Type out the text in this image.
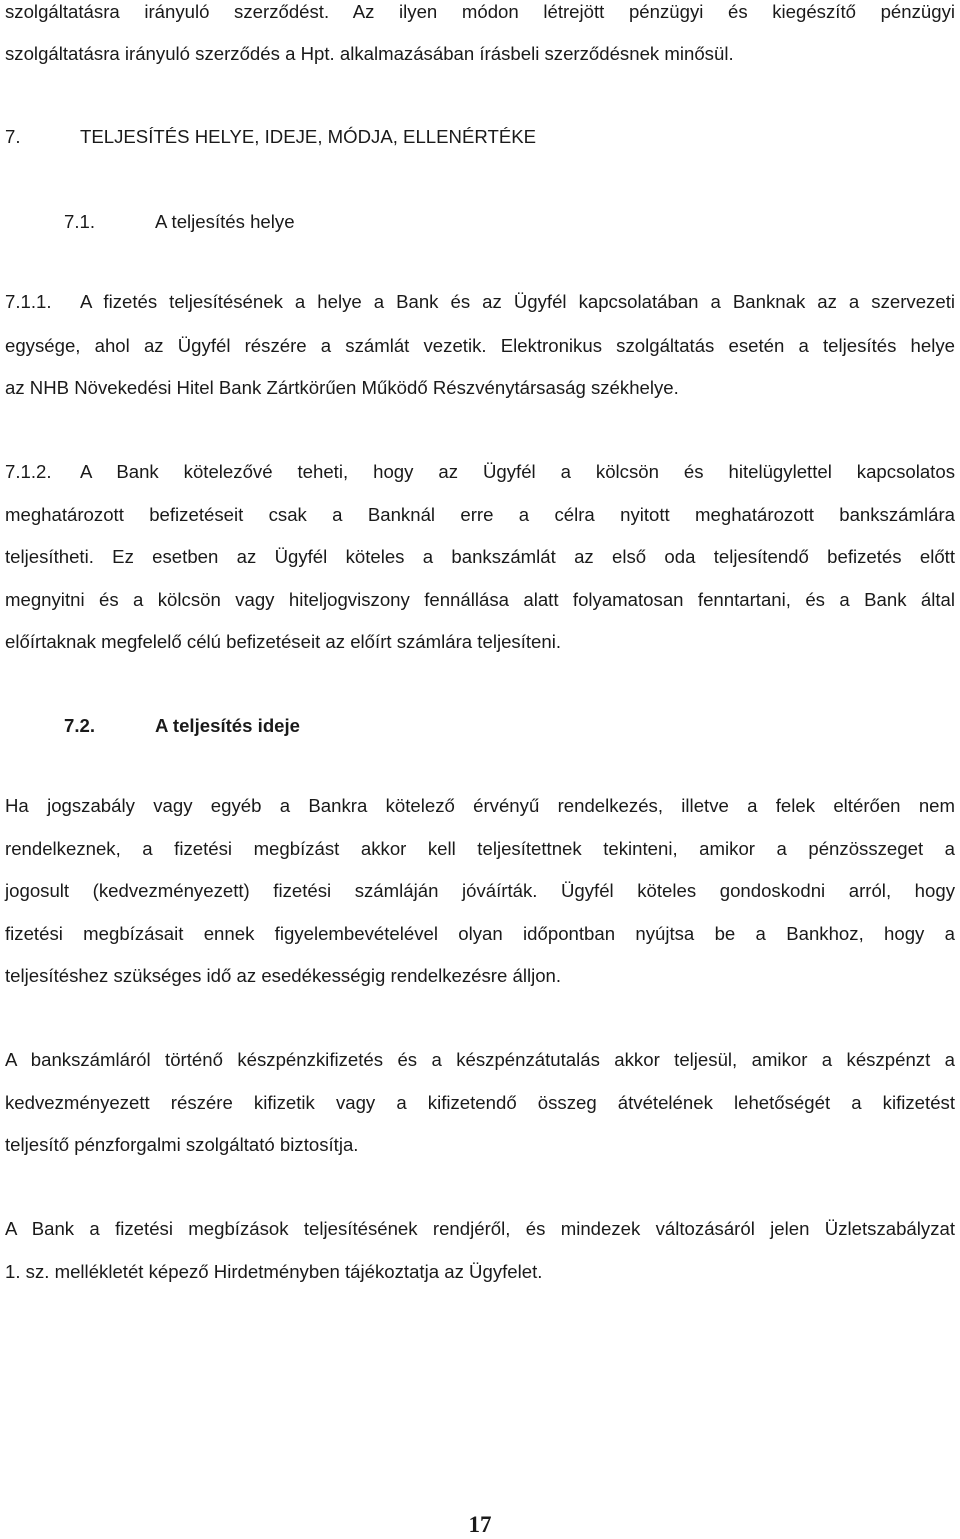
szolgáltatásra irányuló szerződést. Az ilyen módon létrejött pénzügyi és kiegészítő pénzügyi
szolgáltatásra irányuló szerződés a Hpt. alkalmazásában írásbeli szerződésnek minősül.
7.	TELJESÍTÉS HELYE, IDEJE, MÓDJA, ELLENÉRTÉKE
7.1.	A teljesítés helye
7.1.1. A fizetés teljesítésének a helye a Bank és az Ügyfél kapcsolatában a Banknak az a szervezeti
egysége, ahol az Ügyfél részére a számlát vezetik. Elektronikus szolgáltatás esetén a teljesítés helye
az NHB Növekedési Hitel Bank Zártkörűen Működő Részvénytársaság székhelye.
7.1.2. A Bank kötelezővé teheti, hogy az Ügyfél a kölcsön és hitelügylettel kapcsolatos
meghatározott befizetéseit csak a Banknál erre a célra nyitott meghatározott bankszámlára
teljesítheti. Ez esetben az Ügyfél köteles a bankszámlát az első oda teljesítendő befizetés előtt
megnyitni és a kölcsön vagy hiteljogviszony fennállása alatt folyamatosan fenntartani, és a Bank által
előírtaknak megfelelő célú befizetéseit az előírt számlára teljesíteni.
7.2.	A teljesítés ideje
Ha jogszabály vagy egyéb a Bankra kötelező érvényű rendelkezés, illetve a felek eltérően nem
rendelkeznek, a fizetési megbízást akkor kell teljesítettnek tekinteni, amikor a pénzösszeget a
jogosult (kedvezményezett) fizetési számláján jóváírták. Ügyfél köteles gondoskodni arról, hogy
fizetési megbízásait ennek figyelembevételével olyan időpontban nyújtsa be a Bankhoz, hogy a
teljesítéshez szükséges idő az esedékességig rendelkezésre álljon.
A bankszámláról történő készpénzkifizetés és a készpénzátutalás akkor teljesül, amikor a készpénzt a
kedvezményezett részére kifizetik vagy a kifizetendő összeg átvételének lehetőségét a kifizetést
teljesítő pénzforgalmi szolgáltató biztosítja.
A Bank a fizetési megbízások teljesítésének rendjéről, és mindezek változásáról jelen Üzletszabályzat
1. sz. mellékletét képező Hirdetményben tájékoztatja az Ügyfelet.
17
